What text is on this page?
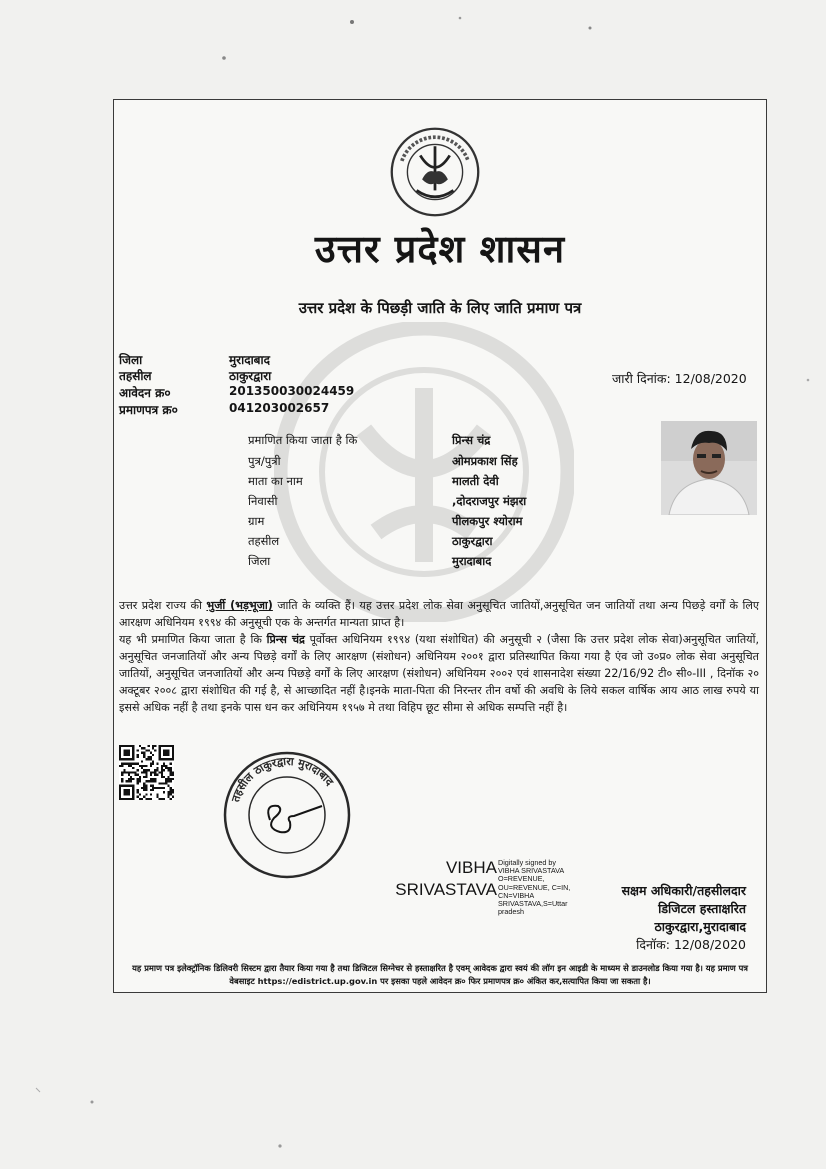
उत्तर प्रदेश शासन
उत्तर प्रदेश के पिछड़ी जाति के लिए जाति प्रमाण पत्र
जिला	मुरादाबाद
तहसील	ठाकुरद्वारा
आवेदन क्र०	201350030024459
प्रमाणपत्र क्र०	041203002657
जारी दिनांक: 12/08/2020
प्रमाणित किया जाता है कि	प्रिन्स चंद्र
पुत्र/पुत्री	ओमप्रकाश सिंह
माता का नाम	मालती देवी
निवासी	,दोदराजपुर मंझरा
ग्राम	पीलकपुर श्योराम
तहसील	ठाकुरद्वारा
जिला	मुरादाबाद

उत्तर प्रदेश राज्य की भुर्जी (भड़भूजा) जाति के व्यक्ति हैं। यह उत्तर प्रदेश लोक सेवा अनुसूचित जातियों,अनुसूचित जन जातियों तथा अन्य पिछड़े वर्गों के लिए आरक्षण अधिनियम १९९४ की अनुसूची एक के अन्तर्गत मान्यता प्राप्त है।

यह भी प्रमाणित किया जाता है कि प्रिन्स चंद्र पूर्वोक्त अधिनियम १९९४ (यथा संशोधित) की अनुसूची २ (जैसा कि उत्तर प्रदेश लोक सेवा)अनुसूचित जातियों, अनुसूचित जनजातियों और अन्य पिछड़े वर्गों के लिए आरक्षण (संशोधन) अधिनियम २००१ द्वारा प्रतिस्थापित किया गया है एंव जो उ०प्र० लोक सेवा अनुसूचित जातियों, अनुसूचित जनजातियों और अन्य पिछड़े वर्गों के लिए आरक्षण (संशोधन) अधिनियम २००२ एवं शासनादेश संख्या 22/16/92 टी० सी०-III , दिनॉक २० अक्टूबर २००८ द्वारा संशोधित की गई है, से आच्छादित नहीं है।इनके माता-पिता की निरन्तर तीन वर्षो की अवधि के लिये सकल वार्षिक आय आठ लाख रुपये या इससे अधिक नहीं है तथा इनके पास धन कर अधिनियम १९५७ मे तथा विहिप छूट सीमा से अधिक सम्पत्ति नहीं है।

तहसील ठाकुरद्वारा मुरादाबाद
VIBHA
SRIVASTAVA
Digitally signed by
VIBHA SRIVASTAVA
O=REVENUE,
OU=REVENUE, C=IN,
CN=VIBHA
SRIVASTAVA,S=Uttar
pradesh
सक्षम अधिकारी/तहसीलदार
डिजिटल हस्ताक्षरित
ठाकुरद्वारा,मुरादाबाद
दिनॉक: 12/08/2020
यह प्रमाण पत्र इलेक्ट्रॉनिक डिलिवरी सिस्टम द्वारा तैयार किया गया है तथा डिजिटल सिग्नेचर से हस्ताक्षरित है एवम् आवेदक द्वारा स्वयं की लॉग इन आइडी के माध्यम से डाउनलोड किया गया है। यह प्रमाण पत्र वेबसाइट https://edistrict.up.gov.in पर इसका पहले आवेदन क्र० फिर प्रमाणपत्र क्र० अंकित कर,सत्यापित किया जा सकता है।
